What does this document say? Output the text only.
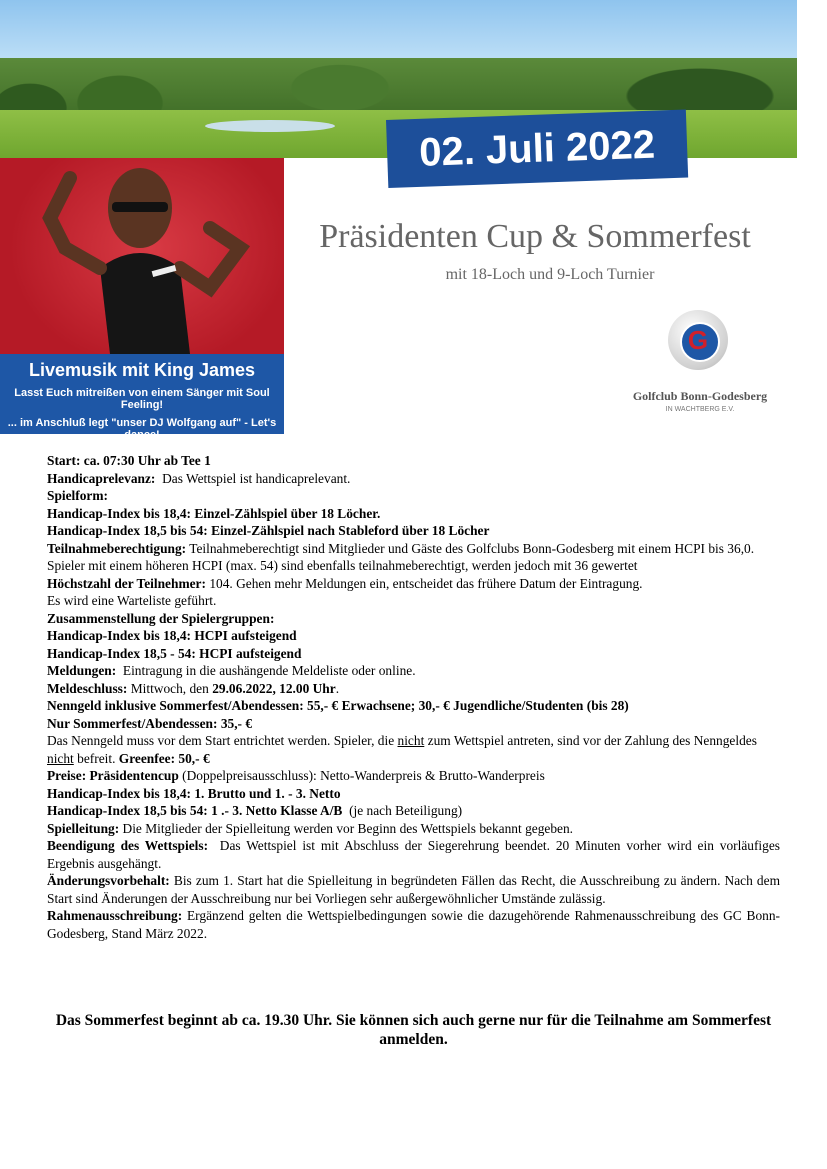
02. Juli 2022
Livemusik mit King James
Lasst Euch mitreißen von einem Sänger mit Soul Feeling!
... im Anschluß legt "unser DJ Wolfgang auf" - Let's dance!
Präsidenten Cup & Sommerfest
mit 18-Loch und 9-Loch Turnier
G
Golfclub Bonn-Godesberg
IN WACHTBERG E.V.

Start: ca. 07:30 Uhr ab Tee 1

Handicaprelevanz: Das Wettspiel ist handicaprelevant.

Spielform:

Handicap-Index bis 18,4: Einzel-Zählspiel über 18 Löcher.

Handicap-Index 18,5 bis 54: Einzel-Zählspiel nach Stableford über 18 Löcher

Teilnahmeberechtigung: Teilnahmeberechtigt sind Mitglieder und Gäste des Golfclubs Bonn-Godesberg mit einem HCPI bis 36,0. Spieler mit einem höheren HCPI (max. 54) sind ebenfalls teilnahmeberechtigt, werden jedoch mit 36 gewertet

Höchstzahl der Teilnehmer: 104. Gehen mehr Meldungen ein, entscheidet das frühere Datum der Eintragung.

Es wird eine Warteliste geführt.

Zusammenstellung der Spielergruppen:

Handicap-Index bis 18,4: HCPI aufsteigend

Handicap-Index 18,5 - 54: HCPI aufsteigend

Meldungen: Eintragung in die aushängende Meldeliste oder online.

Meldeschluss: Mittwoch, den 29.06.2022, 12.00 Uhr.

Nenngeld inklusive Sommerfest/Abendessen: 55,- € Erwachsene; 30,- € Jugendliche/Studenten (bis 28)

Nur Sommerfest/Abendessen: 35,- €

Das Nenngeld muss vor dem Start entrichtet werden. Spieler, die nicht zum Wettspiel antreten, sind vor der Zahlung des Nenngeldes nicht befreit. Greenfee: 50,- €

Preise: Präsidentencup (Doppelpreisausschluss): Netto-Wanderpreis & Brutto-Wanderpreis

Handicap-Index bis 18,4: 1. Brutto und 1. - 3. Netto

Handicap-Index 18,5 bis 54: 1 .- 3. Netto Klasse A/B (je nach Beteiligung)

Spielleitung: Die Mitglieder der Spielleitung werden vor Beginn des Wettspiels bekannt gegeben.

Beendigung des Wettspiels: Das Wettspiel ist mit Abschluss der Siegerehrung beendet. 20 Minuten vorher wird ein vorläufiges Ergebnis ausgehängt.

Änderungsvorbehalt: Bis zum 1. Start hat die Spielleitung in begründeten Fällen das Recht, die Ausschreibung zu ändern. Nach dem Start sind Änderungen der Ausschreibung nur bei Vorliegen sehr außergewöhnlicher Umstände zulässig.

Rahmenausschreibung: Ergänzend gelten die Wettspielbedingungen sowie die dazugehörende Rahmenausschreibung des GC Bonn-Godesberg, Stand März 2022.

Das Sommerfest beginnt ab ca. 19.30 Uhr. Sie können sich auch gerne nur für die Teilnahme am Sommerfest anmelden.
